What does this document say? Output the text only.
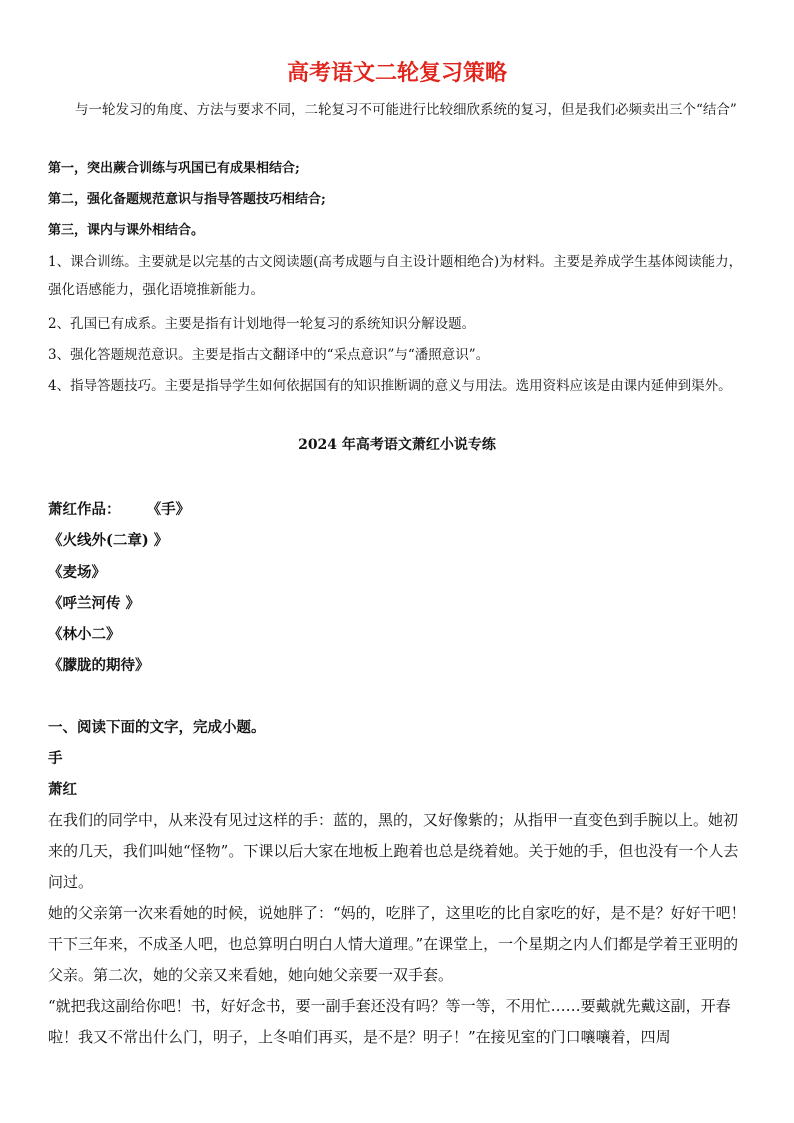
高考语文二轮复习策略

与一轮发习的角度、方法与要求不同，二轮复习不可能进行比较细欣系统的复习，但是我们必频卖出三个“结合”

第一，突出蕨合训练与巩国已有成果相结合;

第二，强化备题规范意识与指导答题技巧相结合;

第三，课内与课外相结合。

1、课合训练。主要就是以完基的古文阅读题(高考成题与自主设计题相绝合)为材料。主要是养成学生基体阅读能力，强化语感能力，强化语境推新能力。

2、孔国已有成系。主要是指有计划地得一轮复习的系统知识分解设题。

3、强化答题规范意识。主要是指古文翻译中的“采点意识”与“潘照意识”。

4、指导答题技巧。主要是指导学生如何依据国有的知识推断调的意义与用法。选用资料应该是由课内延伸到渠外。

2024 年高考语文萧红小说专练

萧红作品： 《手》

《火线外(二章) 》

《麦场》

《呼兰河传 》

《林小二》

《朦胧的期待》

一、阅读下面的文字，完成小题。

手

萧红

在我们的同学中，从来没有见过这样的手：蓝的，黑的，又好像紫的；从指甲一直变色到手腕以上。她初来的几天，我们叫她“怪物”。下课以后大家在地板上跑着也总是绕着她。关于她的手，但也没有一个人去问过。

她的父亲第一次来看她的时候，说她胖了：“妈的，吃胖了，这里吃的比自家吃的好，是不是？好好干吧！干下三年来，不成圣人吧，也总算明白明白人情大道理。”在课堂上，一个星期之内人们都是学着王亚明的父亲。第二次，她的父亲又来看她，她向她父亲要一双手套。

“就把我这副给你吧！书，好好念书，要一副手套还没有吗？等一等，不用忙……要戴就先戴这副，开春啦！我又不常出什么门，明子，上冬咱们再买，是不是？明子！”在接见室的门口嚷嚷着，四周
